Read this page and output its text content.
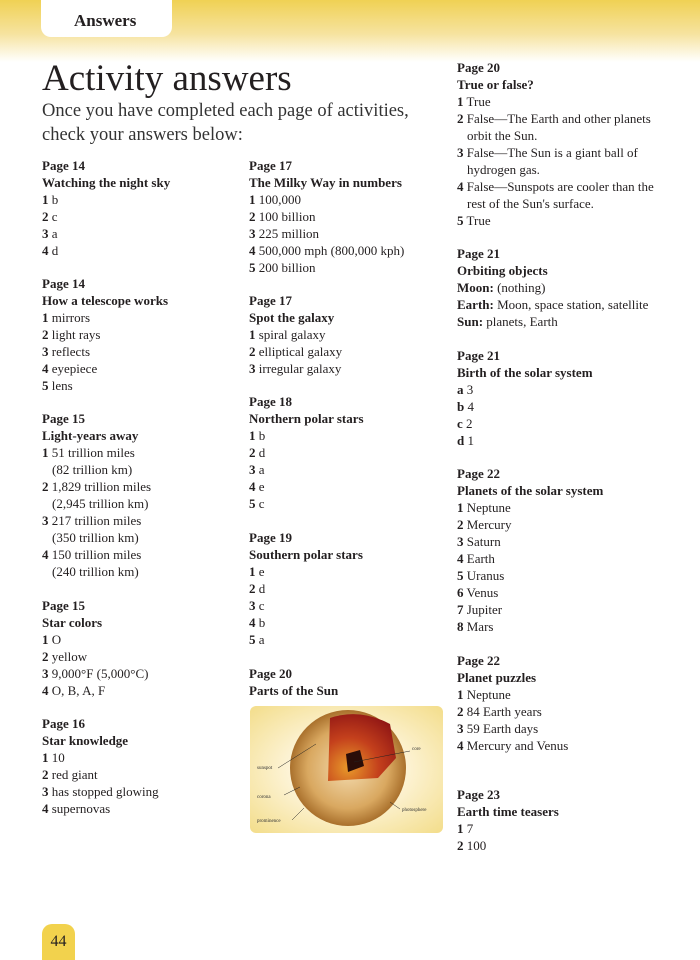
Answers
Activity answers
Once you have completed each page of activities, check your answers below:
Page 14
Watching the night sky
1 b
2 c
3 a
4 d
Page 14
How a telescope works
1 mirrors
2 light rays
3 reflects
4 eyepiece
5 lens
Page 15
Light-years away
1 51 trillion miles
(82 trillion km)
2 1,829 trillion miles
(2,945 trillion km)
3 217 trillion miles
(350 trillion km)
4 150 trillion miles
(240 trillion km)
Page 15
Star colors
1 O
2 yellow
3 9,000°F (5,000°C)
4 O, B, A, F
Page 16
Star knowledge
1 10
2 red giant
3 has stopped glowing
4 supernovas
Page 17
The Milky Way in numbers
1 100,000
2 100 billion
3 225 million
4 500,000 mph (800,000 kph)
5 200 billion
Page 17
Spot the galaxy
1 spiral galaxy
2 elliptical galaxy
3 irregular galaxy
Page 18
Northern polar stars
1 b
2 d
3 a
4 e
5 c
Page 19
Southern polar stars
1 e
2 d
3 c
4 b
5 a
Page 20
Parts of the Sun
Page 20
True or false?
1 True
2 False—The Earth and other planets
orbit the Sun.
3 False—The Sun is a giant ball of
hydrogen gas.
4 False—Sunspots are cooler than the
rest of the Sun's surface.
5 True
Page 21
Orbiting objects
Moon: (nothing)
Earth: Moon, space station, satellite
Sun: planets, Earth
Page 21
Birth of the solar system
a 3
b 4
c 2
d 1
Page 22
Planets of the solar system
1 Neptune
2 Mercury
3 Saturn
4 Earth
5 Uranus
6 Venus
7 Jupiter
8 Mars
Page 22
Planet puzzles
1 Neptune
2 84 Earth years
3 59 Earth days
4 Mercury and Venus
Page 23
Earth time teasers
1 7
2 100
sunspot
corona
prominence
core
photosphere
44
